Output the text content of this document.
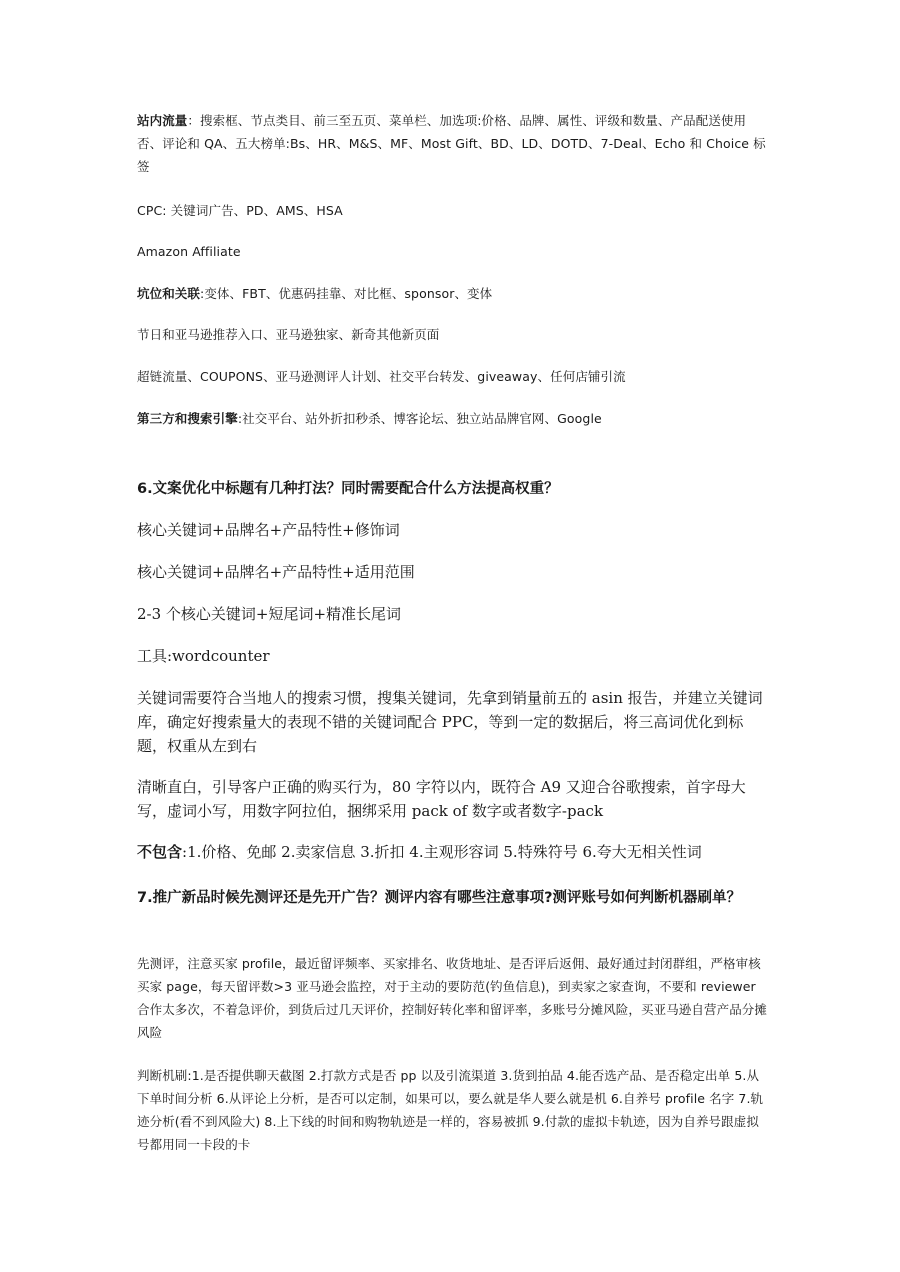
站内流量：搜索框、节点类目、前三至五页、菜单栏、加选项:价格、品牌、属性、评级和数量、产品配送使用否、评论和 QA、五大榜单:Bs、HR、M&S、MF、Most Gift、BD、LD、DOTD、7-Deal、Echo 和 Choice 标签

CPC: 关键词广告、PD、AMS、HSA

Amazon Affiliate

坑位和关联:变体、FBT、优惠码挂靠、对比框、sponsor、变体

节日和亚马逊推荐入口、亚马逊独家、新奇其他新页面

超链流量、COUPONS、亚马逊测评人计划、社交平台转发、giveaway、任何店铺引流

第三方和搜索引擎:社交平台、站外折扣秒杀、博客论坛、独立站品牌官网、Google

6.文案优化中标题有几种打法？同时需要配合什么方法提高权重？

核心关键词+品牌名+产品特性+修饰词

核心关键词+品牌名+产品特性+适用范围

2-3 个核心关键词+短尾词+精准长尾词

工具:wordcounter

关键词需要符合当地人的搜索习惯，搜集关键词，先拿到销量前五的 asin 报告，并建立关键词库，确定好搜索量大的表现不错的关键词配合 PPC，等到一定的数据后，将三高词优化到标题，权重从左到右

清晰直白，引导客户正确的购买行为，80 字符以内，既符合 A9 又迎合谷歌搜索，首字母大写，虚词小写，用数字阿拉伯，捆绑采用 pack of 数字或者数字-pack

不包含:1.价格、免邮 2.卖家信息 3.折扣 4.主观形容词 5.特殊符号 6.夸大无相关性词

7.推广新品时候先测评还是先开广告？测评内容有哪些注意事项?测评账号如何判断机器刷单？

先测评，注意买家 profile，最近留评频率、买家排名、收货地址、是否评后返佣、最好通过封闭群组，严格审核买家 page，每天留评数>3 亚马逊会监控，对于主动的要防范(钓鱼信息)，到卖家之家查询，不要和 reviewer 合作太多次，不着急评价，到货后过几天评价，控制好转化率和留评率，多账号分摊风险，买亚马逊自营产品分摊风险

判断机刷:1.是否提供聊天截图 2.打款方式是否 pp 以及引流渠道 3.货到拍品 4.能否选产品、是否稳定出单 5.从下单时间分析 6.从评论上分析，是否可以定制，如果可以，要么就是华人要么就是机 6.自养号 profile 名字 7.轨迹分析(看不到风险大) 8.上下线的时间和购物轨迹是一样的，容易被抓 9.付款的虚拟卡轨迹，因为自养号跟虚拟号都用同一卡段的卡
